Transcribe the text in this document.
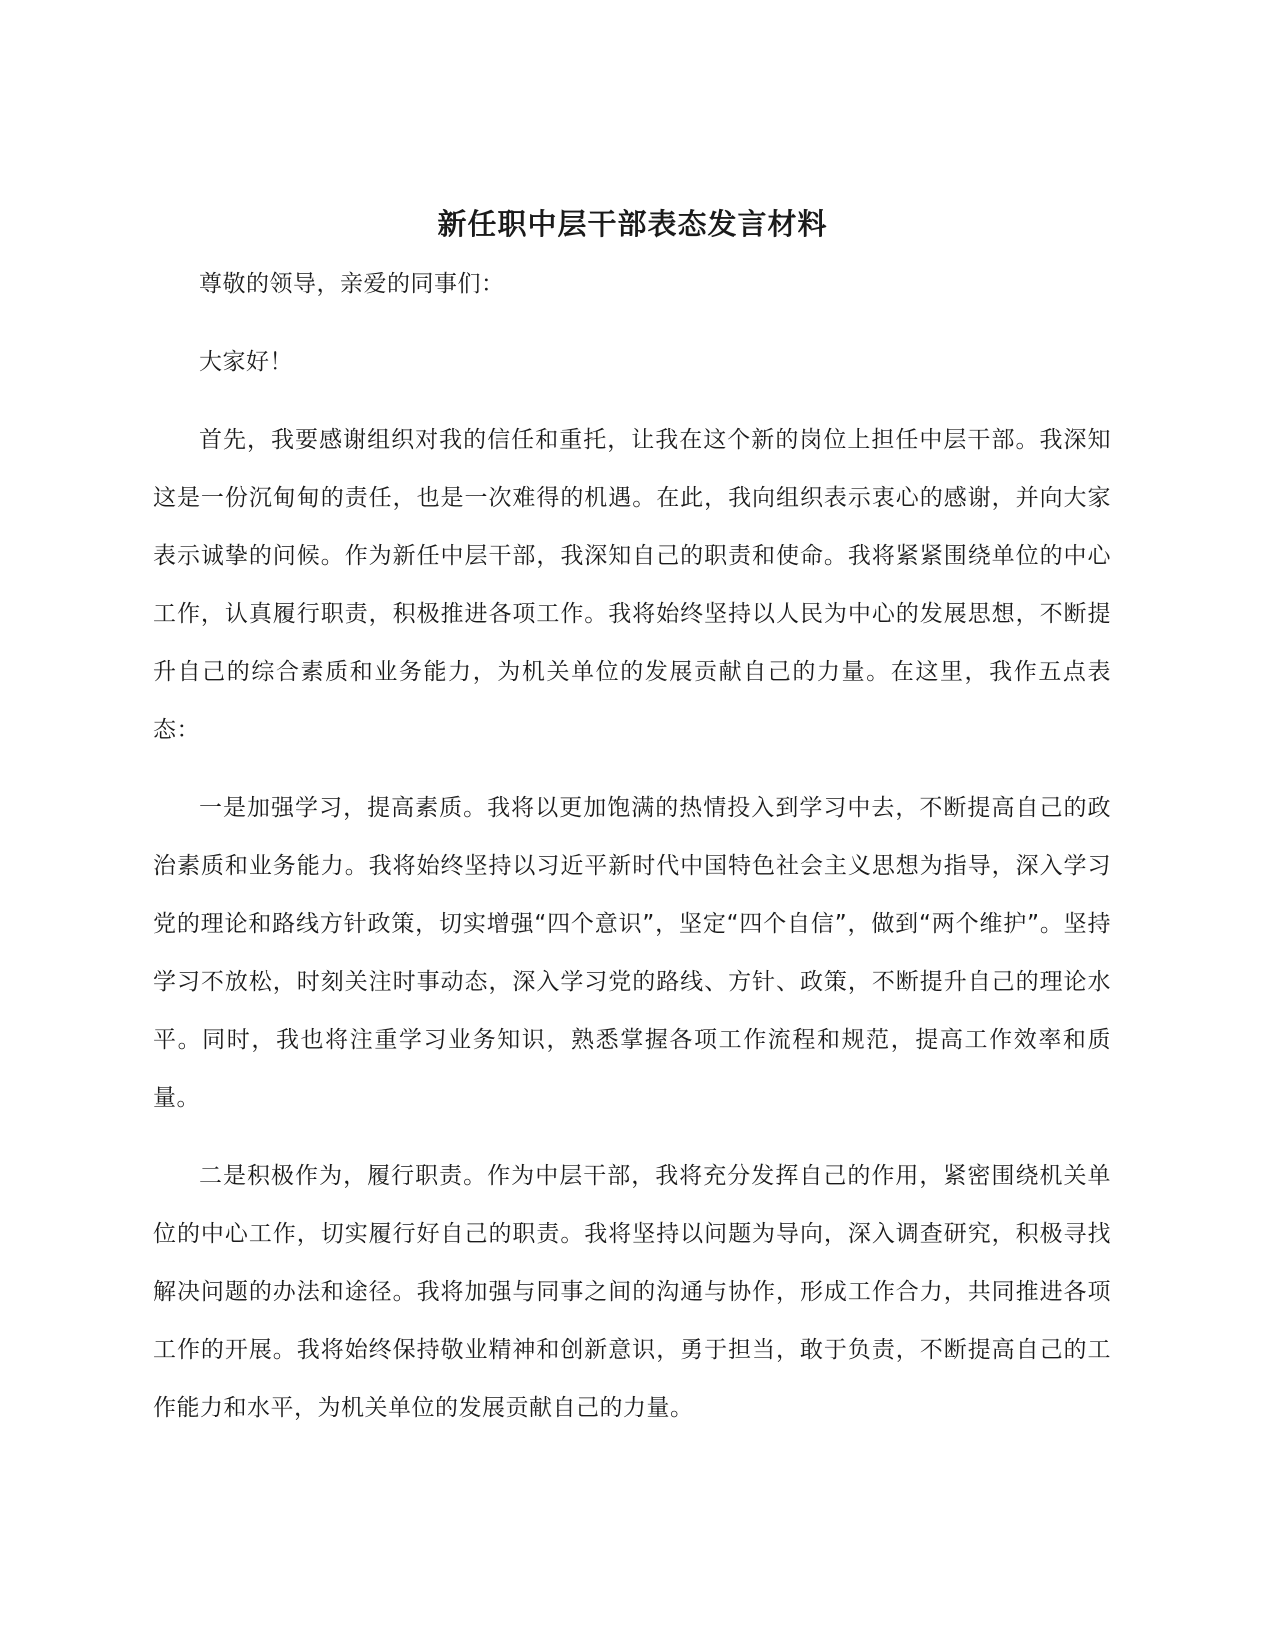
新任职中层干部表态发言材料

尊敬的领导，亲爱的同事们：

大家好！

首先，我要感谢组织对我的信任和重托，让我在这个新的岗位上担任中层干部。我深知这是一份沉甸甸的责任，也是一次难得的机遇。在此，我向组织表示衷心的感谢，并向大家表示诚挚的问候。作为新任中层干部，我深知自己的职责和使命。我将紧紧围绕单位的中心工作，认真履行职责，积极推进各项工作。我将始终坚持以人民为中心的发展思想，不断提升自己的综合素质和业务能力，为机关单位的发展贡献自己的力量。在这里，我作五点表态：

一是加强学习，提高素质。我将以更加饱满的热情投入到学习中去，不断提高自己的政治素质和业务能力。我将始终坚持以习近平新时代中国特色社会主义思想为指导，深入学习党的理论和路线方针政策，切实增强“四个意识”，坚定“四个自信”，做到“两个维护”。坚持学习不放松，时刻关注时事动态，深入学习党的路线、方针、政策，不断提升自己的理论水平。同时，我也将注重学习业务知识，熟悉掌握各项工作流程和规范，提高工作效率和质量。

二是积极作为，履行职责。作为中层干部，我将充分发挥自己的作用，紧密围绕机关单位的中心工作，切实履行好自己的职责。我将坚持以问题为导向，深入调查研究，积极寻找解决问题的办法和途径。我将加强与同事之间的沟通与协作，形成工作合力，共同推进各项工作的开展。我将始终保持敬业精神和创新意识，勇于担当，敢于负责，不断提高自己的工作能力和水平，为机关单位的发展贡献自己的力量。
